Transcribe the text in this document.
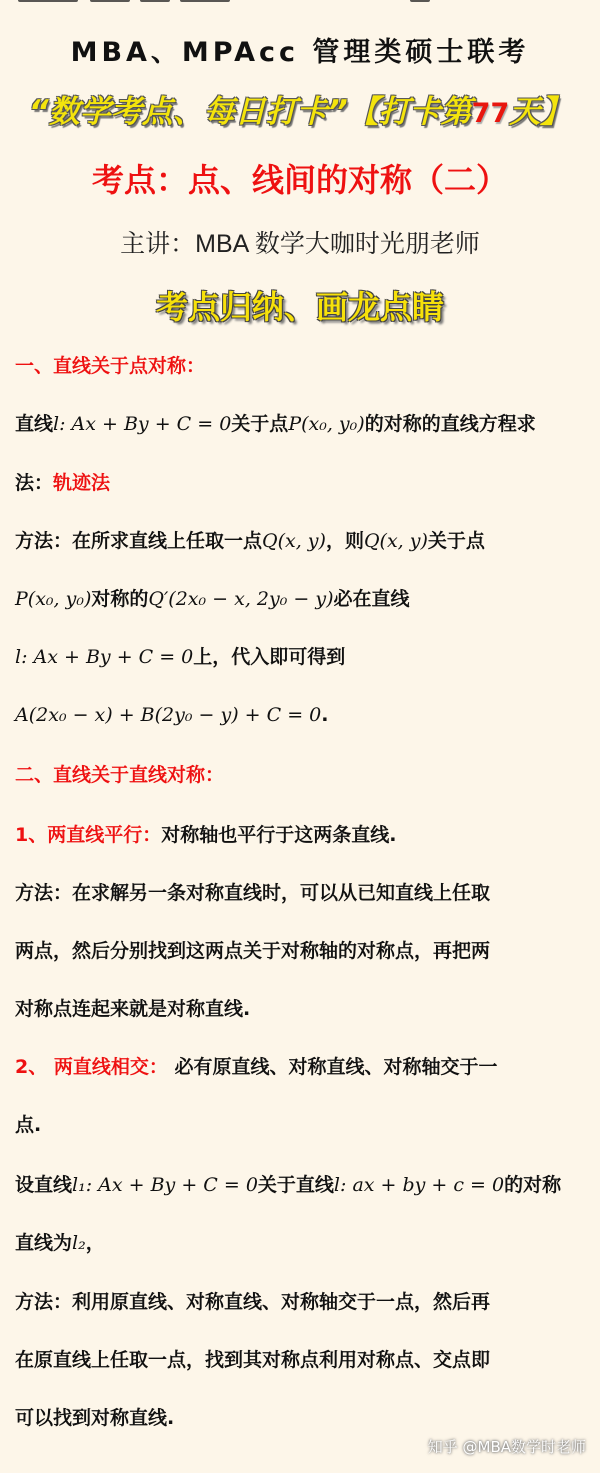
MBA、MPAcc 管理类硕士联考
“数学考点、每日打卡”【打卡第77天】
考点：点、线间的对称（二）
主讲：MBA 数学大咖时光朋老师
考点归纳、画龙点睛
一、直线关于点对称：
直线l: Ax + By + C = 0关于点P(x₀, y₀)的对称的直线方程求
法：轨迹法
方法：在所求直线上任取一点Q(x, y)，则Q(x, y)关于点
P(x₀, y₀)对称的Q′(2x₀ − x, 2y₀ − y)必在直线
l: Ax + By + C = 0上，代入即可得到
A(2x₀ − x) + B(2y₀ − y) + C = 0.
二、直线关于直线对称：
1、两直线平行：对称轴也平行于这两条直线.
方法：在求解另一条对称直线时，可以从已知直线上任取
两点，然后分别找到这两点关于对称轴的对称点，再把两
对称点连起来就是对称直线.
2、 两直线相交： 必有原直线、对称直线、对称轴交于一
点.
设直线l₁: Ax + By + C = 0关于直线l: ax + by + c = 0的对称
直线为l₂，
方法：利用原直线、对称直线、对称轴交于一点，然后再
在原直线上任取一点，找到其对称点利用对称点、交点即
可以找到对称直线.
知乎 @MBA数学时老师
